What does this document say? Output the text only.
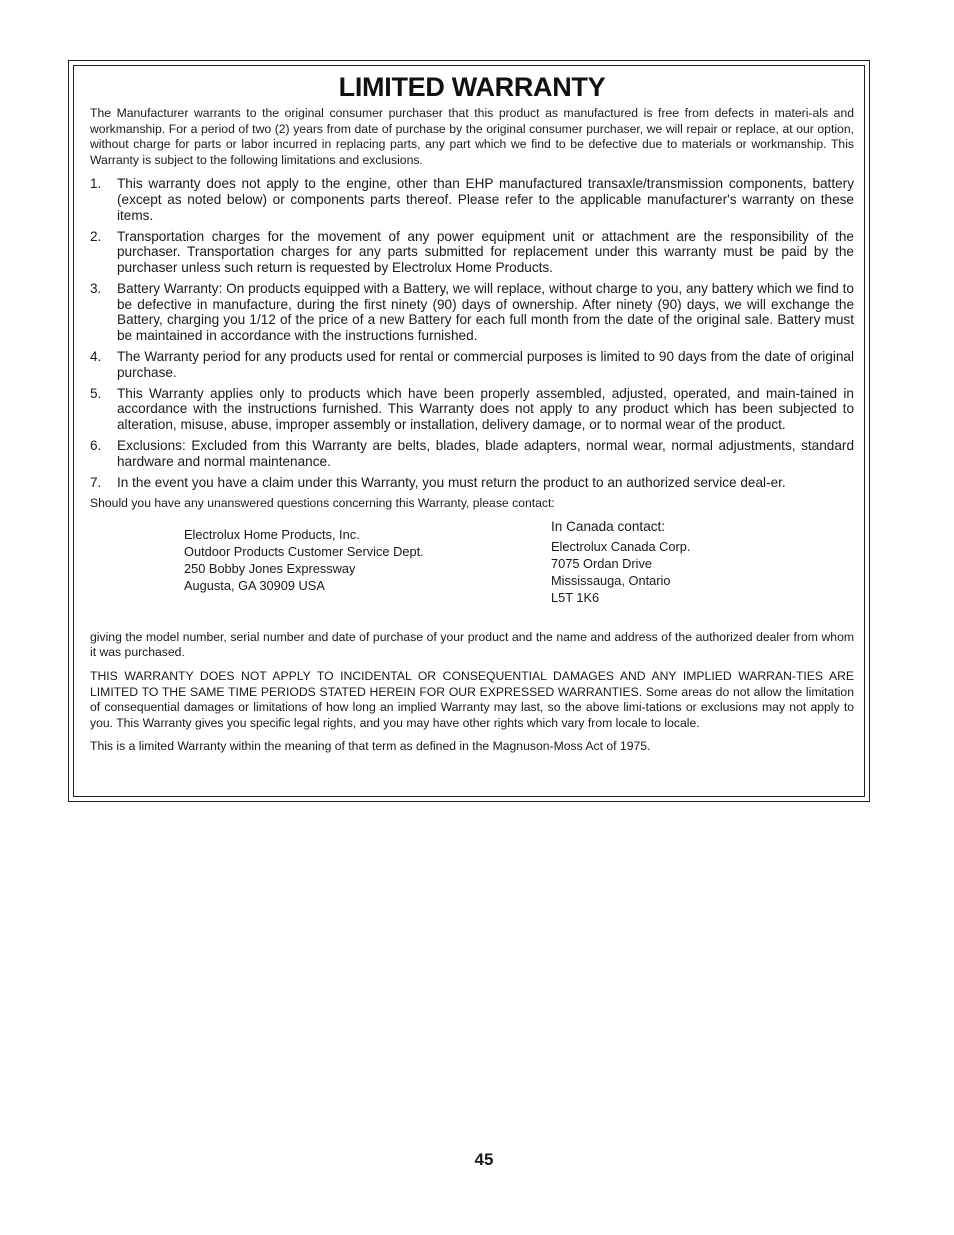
LIMITED WARRANTY

The Manufacturer warrants to the original consumer purchaser that this product as manufactured is free from defects in materi-als and workmanship. For a period of two (2) years from date of purchase by the original consumer purchaser, we will repair or replace, at our option, without charge for parts or labor incurred in replacing parts, any part which we find to be defective due to materials or workmanship. This Warranty is subject to the following limitations and exclusions.

1. This warranty does not apply to the engine, other than EHP manufactured transaxle/transmission components, battery (except as noted below) or components parts thereof. Please refer to the applicable manufacturer's warranty on these items.
2. Transportation charges for the movement of any power equipment unit or attachment are the responsibility of the purchaser. Transportation charges for any parts submitted for replacement under this warranty must be paid by the purchaser unless such return is requested by Electrolux Home Products.
3. Battery Warranty: On products equipped with a Battery, we will replace, without charge to you, any battery which we find to be defective in manufacture, during the first ninety (90) days of ownership. After ninety (90) days, we will exchange the Battery, charging you 1/12 of the price of a new Battery for each full month from the date of the original sale. Battery must be maintained in accordance with the instructions furnished.
4. The Warranty period for any products used for rental or commercial purposes is limited to 90 days from the date of original purchase.
5. This Warranty applies only to products which have been properly assembled, adjusted, operated, and main-tained in accordance with the instructions furnished. This Warranty does not apply to any product which has been subjected to alteration, misuse, abuse, improper assembly or installation, delivery damage, or to normal wear of the product.
6. Exclusions: Excluded from this Warranty are belts, blades, blade adapters, normal wear, normal adjustments, standard hardware and normal maintenance.
7. In the event you have a claim under this Warranty, you must return the product to an authorized service deal-er.

Should you have any unanswered questions concerning this Warranty, please contact:

Electrolux Home Products, Inc.
Outdoor Products Customer Service Dept.
250 Bobby Jones Expressway
Augusta, GA 30909 USA
In Canada contact:
Electrolux Canada Corp.
7075 Ordan Drive
Mississauga, Ontario
L5T 1K6

giving the model number, serial number and date of purchase of your product and the name and address of the authorized dealer from whom it was purchased.

THIS WARRANTY DOES NOT APPLY TO INCIDENTAL OR CONSEQUENTIAL DAMAGES AND ANY IMPLIED WARRAN-TIES ARE LIMITED TO THE SAME TIME PERIODS STATED HEREIN FOR OUR EXPRESSED WARRANTIES. Some areas do not allow the limitation of consequential damages or limitations of how long an implied Warranty may last, so the above limi-tations or exclusions may not apply to you. This Warranty gives you specific legal rights, and you may have other rights which vary from locale to locale.

This is a limited Warranty within the meaning of that term as defined in the Magnuson-Moss Act of 1975.

45
